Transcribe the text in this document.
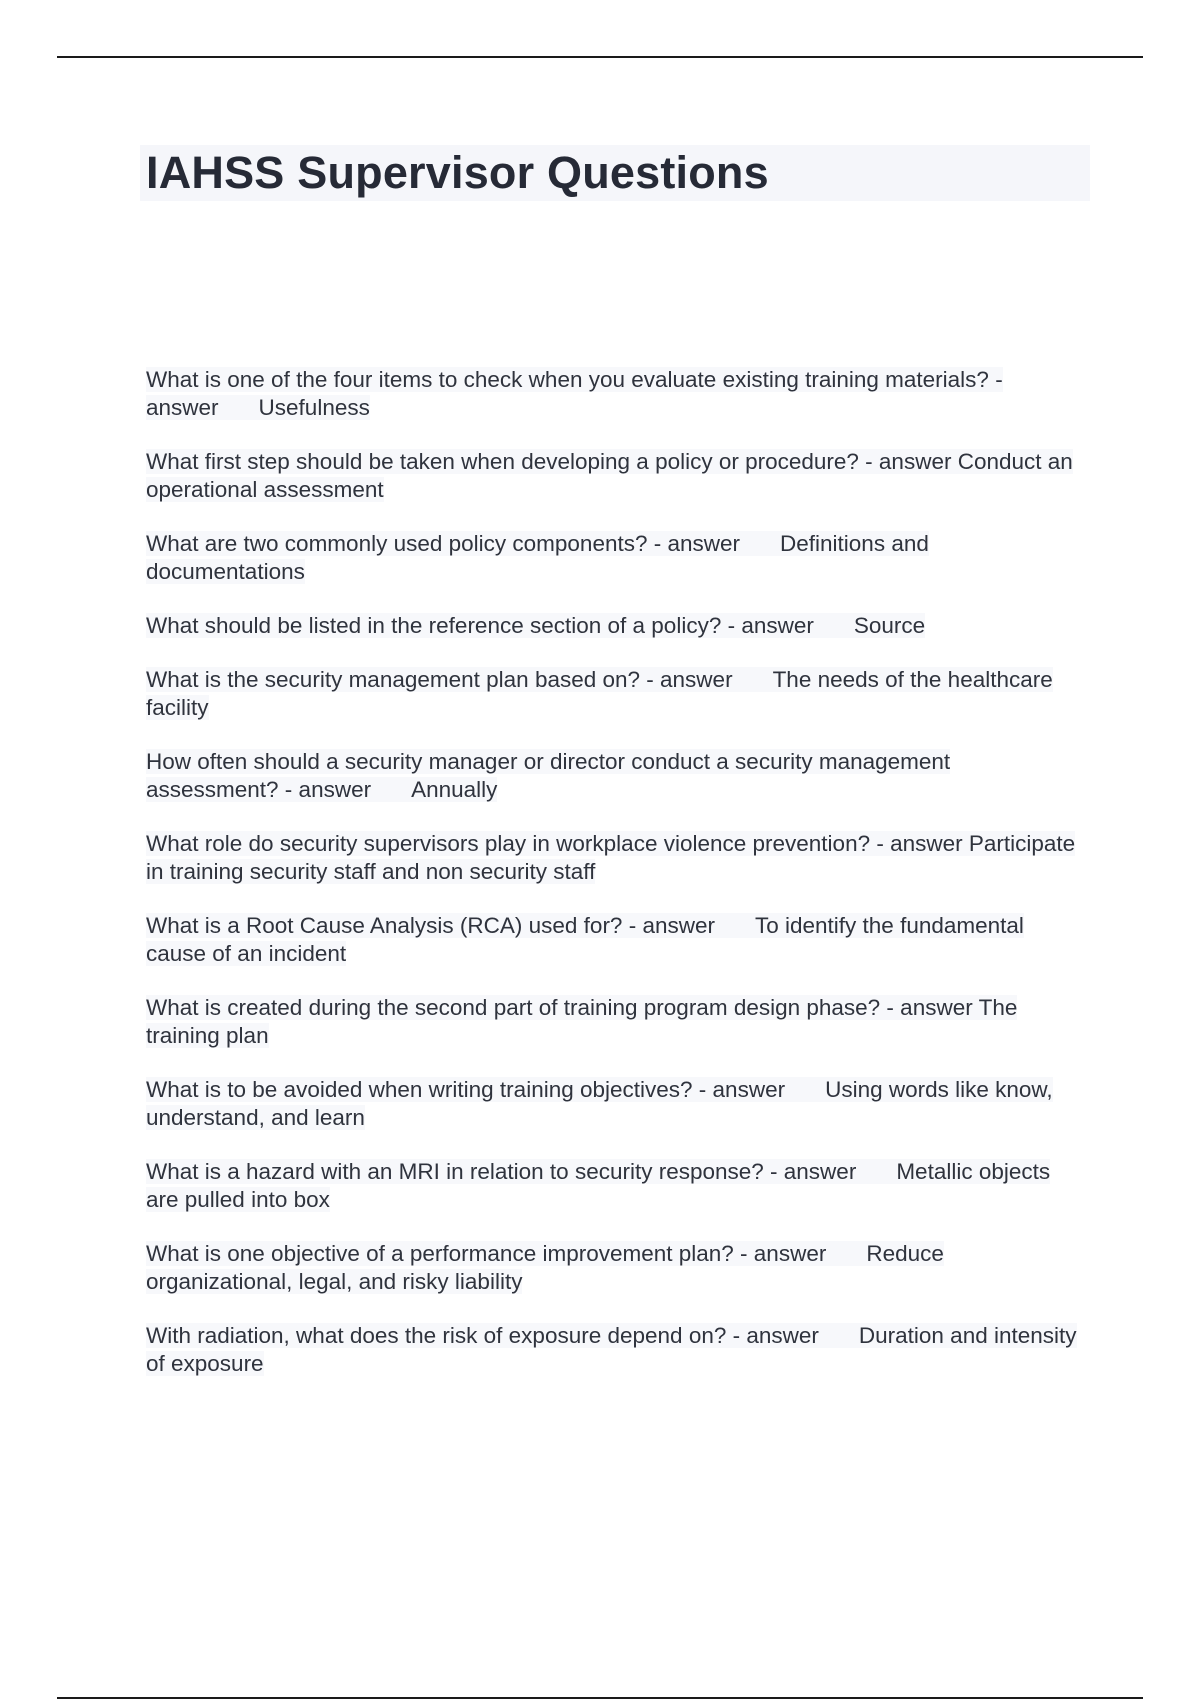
IAHSS Supervisor Questions
What is one of the four items to check when you evaluate existing training materials? - answer Usefulness
What first step should be taken when developing a policy or procedure? - answer Conduct an operational assessment
What are two commonly used policy components? - answer Definitions and documentations
What should be listed in the reference section of a policy? - answer Source
What is the security management plan based on? - answer The needs of the healthcare facility
How often should a security manager or director conduct a security management assessment? - answer Annually
What role do security supervisors play in workplace violence prevention? - answer Participate in training security staff and non security staff
What is a Root Cause Analysis (RCA) used for? - answer To identify the fundamental cause of an incident
What is created during the second part of training program design phase? - answer The training plan
What is to be avoided when writing training objectives? - answer Using words like know, understand, and learn
What is a hazard with an MRI in relation to security response? - answer Metallic objects are pulled into box
What is one objective of a performance improvement plan? - answer Reduce organizational, legal, and risky liability
With radiation, what does the risk of exposure depend on? - answer Duration and intensity of exposure
